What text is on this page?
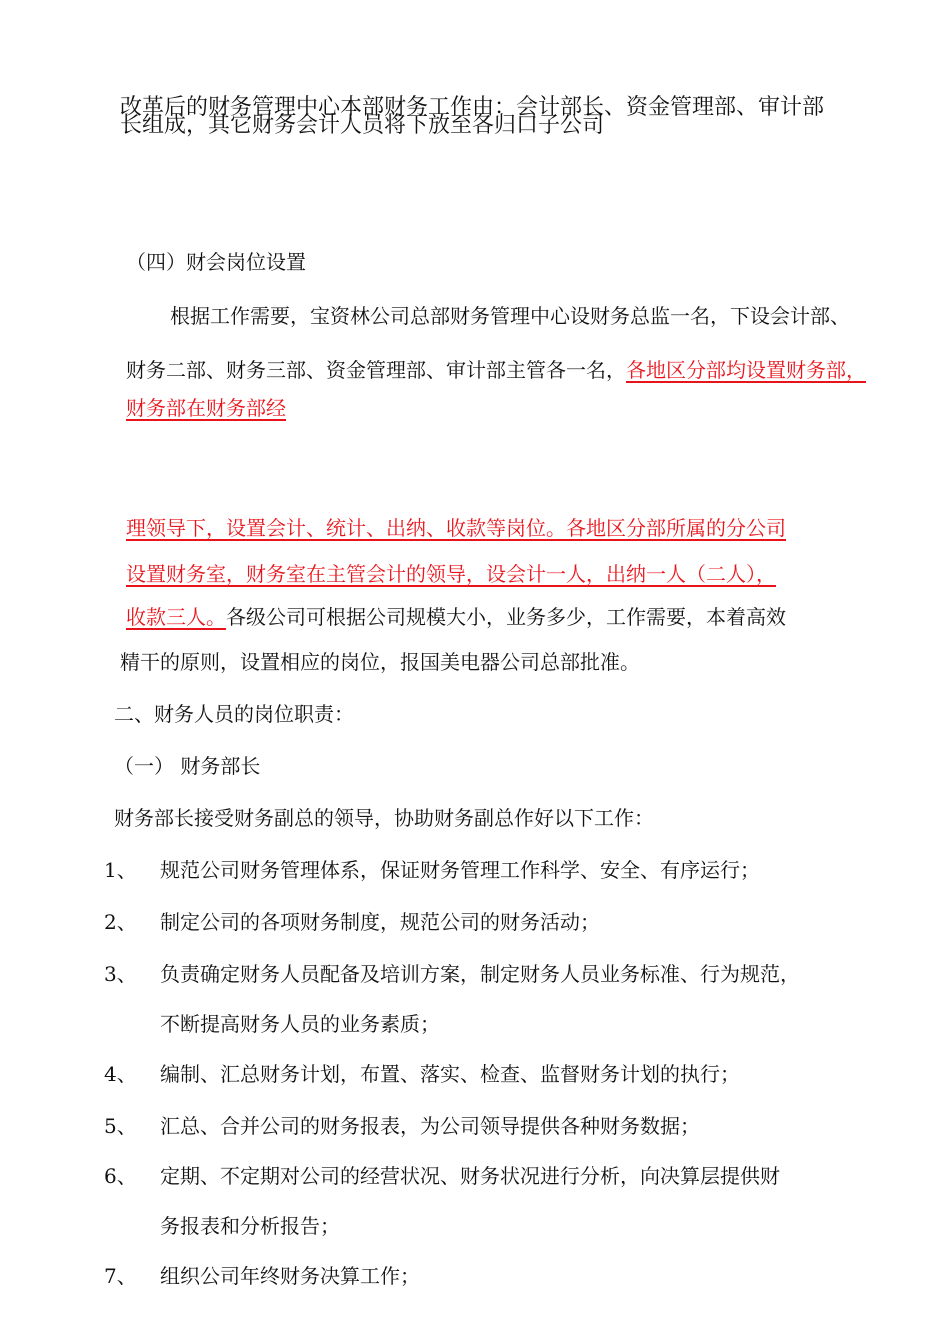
改革后的财务管理中心本部财务工作由：会计部长、资金管理部、审计部
长组成，其它财务会计人员将下放至各归口子公司
（四）财会岗位设置
根据工作需要，宝资林公司总部财务管理中心设财务总监一名，下设会计部、
财务二部、财务三部、资金管理部、审计部主管各一名，各地区分部均设置财务部，
财务部在财务部经
理领导下，设置会计、统计、出纳、收款等岗位。各地区分部所属的分公司
设置财务室，财务室在主管会计的领导，设会计一人，出纳一人（二人），
收款三人。各级公司可根据公司规模大小，业务多少，工作需要，本着高效
精干的原则，设置相应的岗位，报国美电器公司总部批准。
二、财务人员的岗位职责：
（一） 财务部长
财务部长接受财务副总的领导，协助财务副总作好以下工作：
1、 规范公司财务管理体系，保证财务管理工作科学、安全、有序运行；
2、 制定公司的各项财务制度，规范公司的财务活动；
3、 负责确定财务人员配备及培训方案，制定财务人员业务标准、行为规范，
不断提高财务人员的业务素质；
4、 编制、汇总财务计划，布置、落实、检查、监督财务计划的执行；
5、 汇总、合并公司的财务报表，为公司领导提供各种财务数据；
6、 定期、不定期对公司的经营状况、财务状况进行分析，向决算层提供财
务报表和分析报告；
7、 组织公司年终财务决算工作；
